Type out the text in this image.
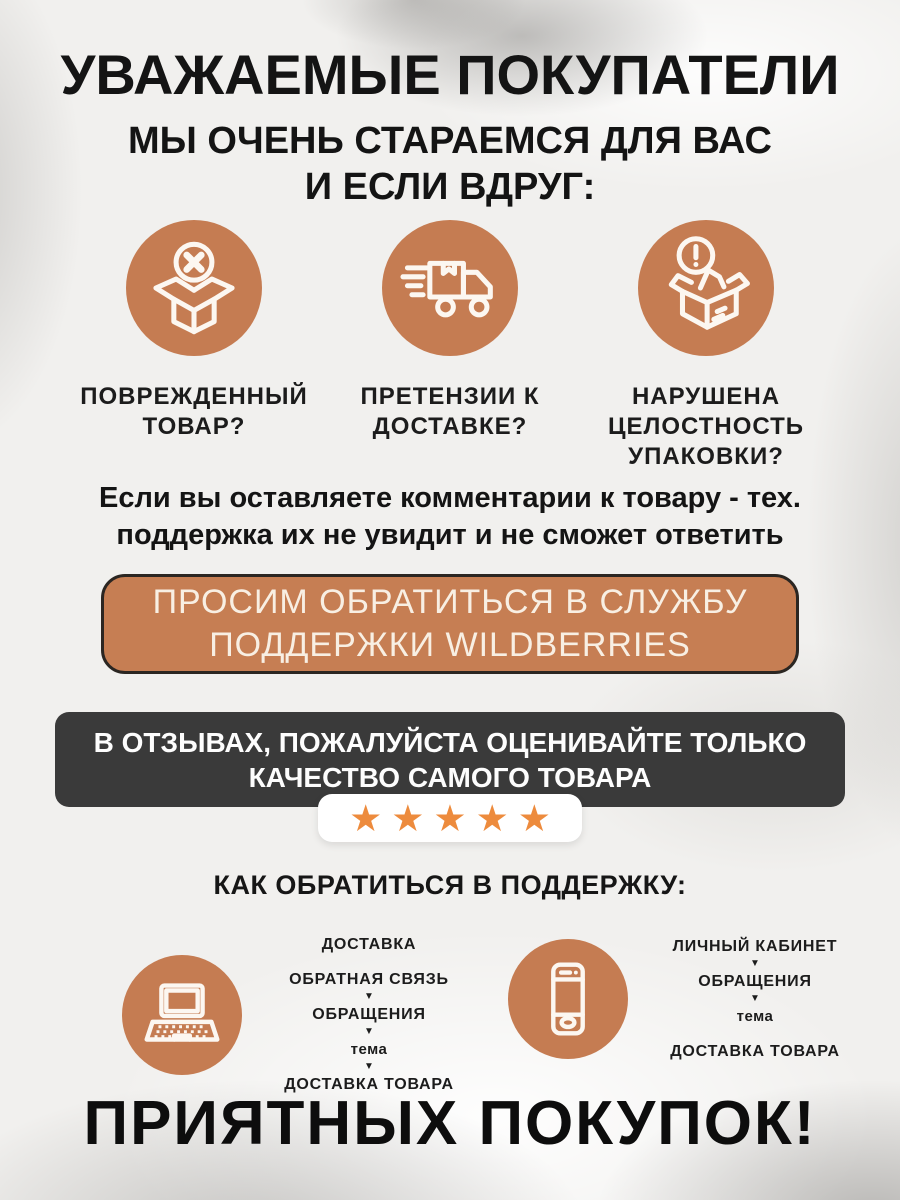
УВАЖАЕМЫЕ ПОКУПАТЕЛИ
МЫ ОЧЕНЬ СТАРАЕМСЯ ДЛЯ ВАС
И ЕСЛИ ВДРУГ:
ПОВРЕЖДЕННЫЙ
ТОВАР?
ПРЕТЕНЗИИ К
ДОСТАВКЕ?
НАРУШЕНА
ЦЕЛОСТНОСТЬ
УПАКОВКИ?
Если вы оставляете комментарии к товару - тех.
поддержка их не увидит и не сможет ответить
ПРОСИМ ОБРАТИТЬСЯ В СЛУЖБУ
ПОДДЕРЖКИ WILDBERRIES
В ОТЗЫВАХ, ПОЖАЛУЙСТА ОЦЕНИВАЙТЕ ТОЛЬКО
КАЧЕСТВО САМОГО ТОВАРА
★ ★ ★ ★ ★
КАК ОБРАТИТЬСЯ В ПОДДЕРЖКУ:
ДОСТАВКА
ОБРАТНАЯ СВЯЗЬ
▼
ОБРАЩЕНИЯ
▼
тема
▼
ДОСТАВКА ТОВАРА
ЛИЧНЫЙ КАБИНЕТ
▼
ОБРАЩЕНИЯ
▼
тема
ДОСТАВКА ТОВАРА
ПРИЯТНЫХ ПОКУПОК!
